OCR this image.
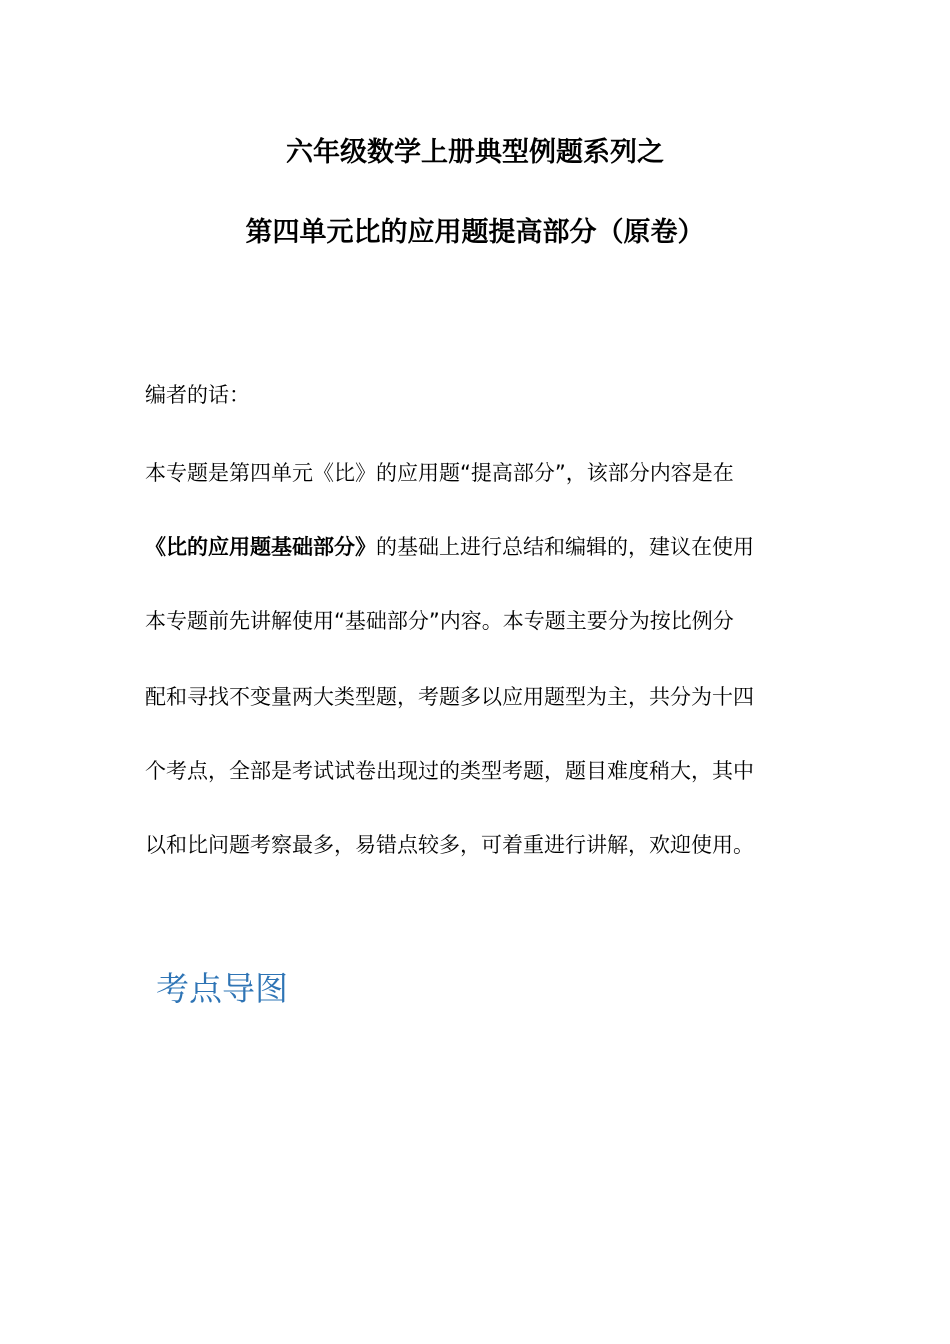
六年级数学上册典型例题系列之
第四单元比的应用题提高部分（原卷）
编者的话：
本专题是第四单元《比》的应用题“提高部分”，该部分内容是在
《比的应用题基础部分》的基础上进行总结和编辑的，建议在使用
本专题前先讲解使用“基础部分”内容。本专题主要分为按比例分
配和寻找不变量两大类型题，考题多以应用题型为主，共分为十四
个考点，全部是考试试卷出现过的类型考题，题目难度稍大，其中
以和比问题考察最多，易错点较多，可着重进行讲解，欢迎使用。
考点导图
